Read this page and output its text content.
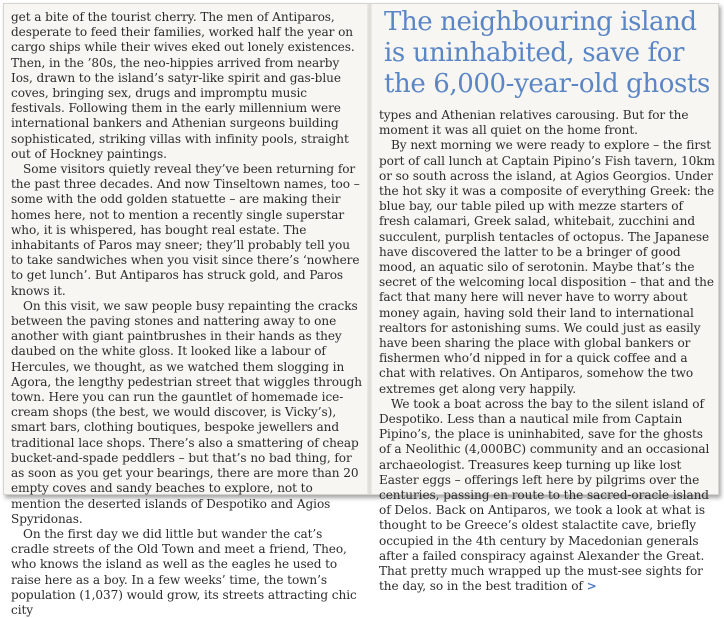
get a bite of the tourist cherry. The men of Antiparos, desperate to feed their families, worked half the year on cargo ships while their wives eked out lonely existences. Then, in the ’80s, the neo-hippies arrived from nearby Ios, drawn to the island’s satyr-like spirit and gas-blue coves, bringing sex, drugs and impromptu music festivals. Following them in the early millennium were international bankers and Athenian surgeons building sophisticated, striking villas with infinity pools, straight out of Hockney paintings.

Some visitors quietly reveal they’ve been returning for the past three decades. And now Tinseltown names, too – some with the odd golden statuette – are making their homes here, not to mention a recently single superstar who, it is whispered, has bought real estate. The inhabitants of Paros may sneer; they’ll probably tell you to take sandwiches when you visit since there’s ‘nowhere to get lunch’. But Antiparos has struck gold, and Paros knows it.

On this visit, we saw people busy repainting the cracks between the paving stones and nattering away to one another with giant paintbrushes in their hands as they daubed on the white gloss. It looked like a labour of Hercules, we thought, as we watched them slogging in Agora, the lengthy pedestrian street that wiggles through town. Here you can run the gauntlet of homemade ice-cream shops (the best, we would discover, is Vicky’s), smart bars, clothing boutiques, bespoke jewellers and traditional lace shops. There’s also a smattering of cheap bucket-and-spade peddlers – but that’s no bad thing, for as soon as you get your bearings, there are more than 20 empty coves and sandy beaches to explore, not to mention the deserted islands of Despotiko and Agios Spyridonas.

On the first day we did little but wander the cat’s cradle streets of the Old Town and meet a friend, Theo, who knows the island as well as the eagles he used to raise here as a boy. In a few weeks’ time, the town’s population (1,037) would grow, its streets attracting chic city

The neighbouring island is uninhabited, save for the 6,000-year-old ghosts

types and Athenian relatives carousing. But for the moment it was all quiet on the home front.

By next morning we were ready to explore – the first port of call lunch at Captain Pipino’s Fish tavern, 10km or so south across the island, at Agios Georgios. Under the hot sky it was a composite of everything Greek: the blue bay, our table piled up with mezze starters of fresh calamari, Greek salad, whitebait, zucchini and succulent, purplish tentacles of octopus. The Japanese have discovered the latter to be a bringer of good mood, an aquatic silo of serotonin. Maybe that’s the secret of the welcoming local disposition – that and the fact that many here will never have to worry about money again, having sold their land to international realtors for astonishing sums. We could just as easily have been sharing the place with global bankers or fishermen who’d nipped in for a quick coffee and a chat with relatives. On Antiparos, somehow the two extremes get along very happily.

We took a boat across the bay to the silent island of Despotiko. Less than a nautical mile from Captain Pipino’s, the place is uninhabited, save for the ghosts of a Neolithic (4,000BC) community and an occasional archaeologist. Treasures keep turning up like lost Easter eggs – offerings left here by pilgrims over the centuries, passing en route to the sacred-oracle island of Delos. Back on Antiparos, we took a look at what is thought to be Greece’s oldest stalactite cave, briefly occupied in the 4th century by Macedonian generals after a failed conspiracy against Alexander the Great. That pretty much wrapped up the must-see sights for the day, so in the best tradition of >
